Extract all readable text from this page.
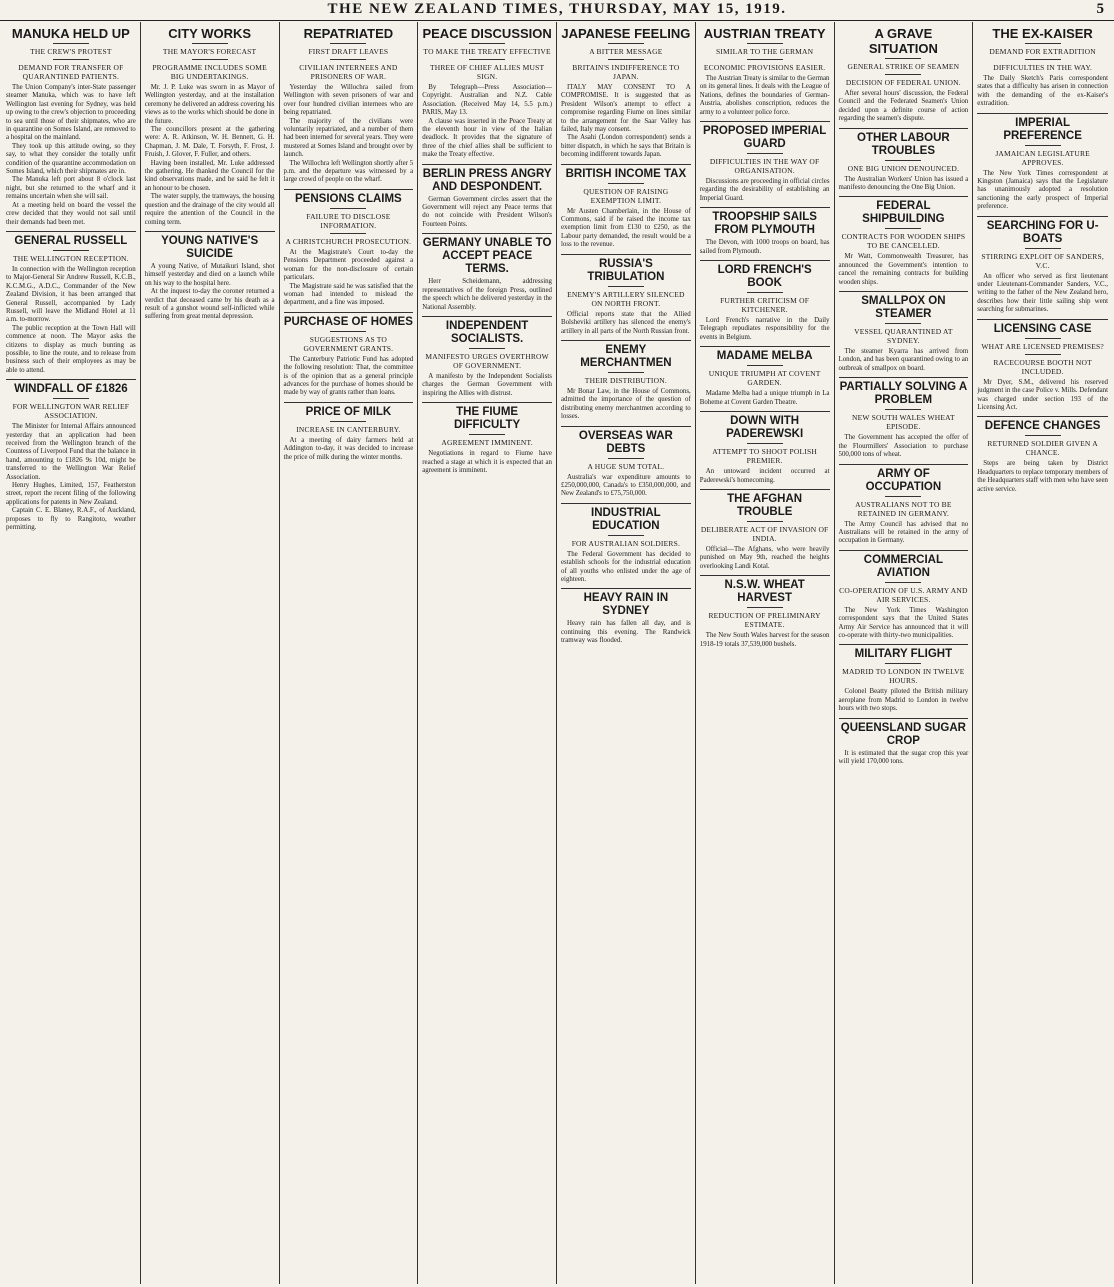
THE NEW ZEALAND TIMES, THURSDAY, MAY 15, 1919.	5
MANUKA HELD UP
THE CREW'S PROTEST
DEMAND FOR TRANSFER OF QUARANTINED PATIENTS.

The Union Company's inter-State passenger steamer Manuka, which was to have left Wellington last evening for Sydney, was held up owing to the crew's objection to proceeding to sea until those of their shipmates, who are in quarantine on Somes Island, are removed to a hospital on the mainland.

They took up this attitude owing, so they say, to what they consider the totally unfit condition of the quarantine accommodation on Somes Island, which their shipmates are in.

The Manuka left port about 8 o'clock last night, but she returned to the wharf and it remains uncertain when she will sail.

At a meeting held on board the vessel the crew decided that they would not sail until their demands had been met.

GENERAL RUSSELL
THE WELLINGTON RECEPTION.

In connection with the Wellington reception to Major-General Sir Andrew Russell, K.C.B., K.C.M.G., A.D.C., Commander of the New Zealand Division, it has been arranged that General Russell, accompanied by Lady Russell, will leave the Midland Hotel at 11 a.m. to-morrow.

The public reception at the Town Hall will commence at noon. The Mayor asks the citizens to display as much bunting as possible, to line the route, and to release from business such of their employees as may be able to attend.

WINDFALL OF £1826
FOR WELLINGTON WAR RELIEF ASSOCIATION.

The Minister for Internal Affairs announced yesterday that an application had been received from the Wellington branch of the Countess of Liverpool Fund that the balance in hand, amounting to £1826 9s 10d, might be transferred to the Wellington War Relief Association.

Henry Hughes, Limited, 157, Featherston street, report the recent filing of the following applications for patents in New Zealand.

Captain C. E. Blaney, R.A.F., of Auckland, proposes to fly to Rangitoto, weather permitting.

CITY WORKS
THE MAYOR'S FORECAST
PROGRAMME INCLUDES SOME BIG UNDERTAKINGS.

Mr. J. P. Luke was sworn in as Mayor of Wellington yesterday, and at the installation ceremony he delivered an address covering his views as to the works which should be done in the future.

The councillors present at the gathering were: A. R. Atkinson, W. H. Bennett, G. H. Chapman, J. M. Dale, T. Forsyth, F. Frost, J. Fruish, J. Glover, F. Fuller, and others.

Having been installed, Mr. Luke addressed the gathering. He thanked the Council for the kind observations made, and he said he felt it an honour to be chosen.

The water supply, the tramways, the housing question and the drainage of the city would all require the attention of the Council in the coming term.

YOUNG NATIVE'S SUICIDE

A young Native, of Mutaikuri Island, shot himself yesterday and died on a launch while on his way to the hospital here.

At the inquest to-day the coroner returned a verdict that deceased came by his death as a result of a gunshot wound self-inflicted while suffering from great mental depression.

REPATRIATED
FIRST DRAFT LEAVES
CIVILIAN INTERNEES AND PRISONERS OF WAR.

Yesterday the Willochra sailed from Wellington with seven prisoners of war and over four hundred civilian internees who are being repatriated.

The majority of the civilians were voluntarily repatriated, and a number of them had been interned for several years. They were mustered at Somes Island and brought over by launch.

The Willochra left Wellington shortly after 5 p.m. and the departure was witnessed by a large crowd of people on the wharf.

PENSIONS CLAIMS
FAILURE TO DISCLOSE INFORMATION.
A CHRISTCHURCH PROSECUTION.

At the Magistrate's Court to-day the Pensions Department proceeded against a woman for the non-disclosure of certain particulars.

The Magistrate said he was satisfied that the woman had intended to mislead the department, and a fine was imposed.

PURCHASE OF HOMES
SUGGESTIONS AS TO GOVERNMENT GRANTS.

The Canterbury Patriotic Fund has adopted the following resolution: That, the committee is of the opinion that as a general principle advances for the purchase of homes should be made by way of grants rather than loans.

PRICE OF MILK
INCREASE IN CANTERBURY.

At a meeting of dairy farmers held at Addington to-day, it was decided to increase the price of milk during the winter months.

PEACE DISCUSSION
TO MAKE THE TREATY EFFECTIVE
THREE OF CHIEF ALLIES MUST SIGN.

By Telegraph—Press Association—Copyright. Australian and N.Z. Cable Association. (Received May 14, 5.5 p.m.) PARIS, May 13.

A clause was inserted in the Peace Treaty at the eleventh hour in view of the Italian deadlock. It provides that the signature of three of the chief allies shall be sufficient to make the Treaty effective.

BERLIN PRESS ANGRY AND DESPONDENT.

German Government circles assert that the Government will reject any Peace terms that do not coincide with President Wilson's Fourteen Points.

GERMANY UNABLE TO ACCEPT PEACE TERMS.

Herr Scheidemann, addressing representatives of the foreign Press, outlined the speech which he delivered yesterday in the National Assembly.

INDEPENDENT SOCIALISTS.
MANIFESTO URGES OVERTHROW OF GOVERNMENT.

A manifesto by the Independent Socialists charges the German Government with inspiring the Allies with distrust.

THE FIUME DIFFICULTY
AGREEMENT IMMINENT.

Negotiations in regard to Fiume have reached a stage at which it is expected that an agreement is imminent.

JAPANESE FEELING
A BITTER MESSAGE
BRITAIN'S INDIFFERENCE TO JAPAN.

ITALY MAY CONSENT TO A COMPROMISE. It is suggested that as President Wilson's attempt to effect a compromise regarding Fiume on lines similar to the arrangement for the Saar Valley has failed, Italy may consent.

The Asahi (London correspondent) sends a bitter dispatch, in which he says that Britain is becoming indifferent towards Japan.

BRITISH INCOME TAX
QUESTION OF RAISING EXEMPTION LIMIT.

Mr Austen Chamberlain, in the House of Commons, said if he raised the income tax exemption limit from £130 to £250, as the Labour party demanded, the result would be a loss to the revenue.

RUSSIA'S TRIBULATION
ENEMY'S ARTILLERY SILENCED ON NORTH FRONT.

Official reports state that the Allied Bolsheviki artillery has silenced the enemy's artillery in all parts of the North Russian front.

ENEMY MERCHANTMEN
THEIR DISTRIBUTION.

Mr Bonar Law, in the House of Commons, admitted the importance of the question of distributing enemy merchantmen according to losses.

OVERSEAS WAR DEBTS
A HUGE SUM TOTAL.

Australia's war expenditure amounts to £250,000,000, Canada's to £350,000,000, and New Zealand's to £75,750,000.

INDUSTRIAL EDUCATION
FOR AUSTRALIAN SOLDIERS.

The Federal Government has decided to establish schools for the industrial education of all youths who enlisted under the age of eighteen.

HEAVY RAIN IN SYDNEY

Heavy rain has fallen all day, and is continuing this evening. The Randwick tramway was flooded.

AUSTRIAN TREATY
SIMILAR TO THE GERMAN
ECONOMIC PROVISIONS EASIER.

The Austrian Treaty is similar to the German on its general lines. It deals with the League of Nations, defines the boundaries of German-Austria, abolishes conscription, reduces the army to a volunteer police force.

PROPOSED IMPERIAL GUARD
DIFFICULTIES IN THE WAY OF ORGANISATION.

Discussions are proceeding in official circles regarding the desirability of establishing an Imperial Guard.

TROOPSHIP SAILS FROM PLYMOUTH

The Devon, with 1000 troops on board, has sailed from Plymouth.

LORD FRENCH'S BOOK
FURTHER CRITICISM OF KITCHENER.

Lord French's narrative in the Daily Telegraph repudiates responsibility for the events in Belgium.

MADAME MELBA
UNIQUE TRIUMPH AT COVENT GARDEN.

Madame Melba had a unique triumph in La Boheme at Covent Garden Theatre.

DOWN WITH PADEREWSKI
ATTEMPT TO SHOOT POLISH PREMIER.

An untoward incident occurred at Paderewski's homecoming.

THE AFGHAN TROUBLE
DELIBERATE ACT OF INVASION OF INDIA.

Official—The Afghans, who were heavily punished on May 9th, reached the heights overlooking Landi Kotal.

N.S.W. WHEAT HARVEST
REDUCTION OF PRELIMINARY ESTIMATE.

The New South Wales harvest for the season 1918-19 totals 37,539,000 bushels.

A GRAVE SITUATION
GENERAL STRIKE OF SEAMEN
DECISION OF FEDERAL UNION.

After several hours' discussion, the Federal Council and the Federated Seamen's Union decided upon a definite course of action regarding the seamen's dispute.

OTHER LABOUR TROUBLES
ONE BIG UNION DENOUNCED.

The Australian Workers' Union has issued a manifesto denouncing the One Big Union.

FEDERAL SHIPBUILDING
CONTRACTS FOR WOODEN SHIPS TO BE CANCELLED.

Mr Watt, Commonwealth Treasurer, has announced the Government's intention to cancel the remaining contracts for building wooden ships.

SMALLPOX ON STEAMER
VESSEL QUARANTINED AT SYDNEY.

The steamer Kyarra has arrived from London, and has been quarantined owing to an outbreak of smallpox on board.

PARTIALLY SOLVING A PROBLEM
NEW SOUTH WALES WHEAT EPISODE.

The Government has accepted the offer of the Flourmillers' Association to purchase 500,000 tons of wheat.

ARMY OF OCCUPATION
AUSTRALIANS NOT TO BE RETAINED IN GERMANY.

The Army Council has advised that no Australians will be retained in the army of occupation in Germany.

COMMERCIAL AVIATION
CO-OPERATION OF U.S. ARMY AND AIR SERVICES.

The New York Times Washington correspondent says that the United States Army Air Service has announced that it will co-operate with thirty-two municipalities.

MILITARY FLIGHT
MADRID TO LONDON IN TWELVE HOURS.

Colonel Beatty piloted the British military aeroplane from Madrid to London in twelve hours with two stops.

QUEENSLAND SUGAR CROP

It is estimated that the sugar crop this year will yield 170,000 tons.

THE EX-KAISER
DEMAND FOR EXTRADITION
DIFFICULTIES IN THE WAY.

The Daily Sketch's Paris correspondent states that a difficulty has arisen in connection with the demanding of the ex-Kaiser's extradition.

IMPERIAL PREFERENCE
JAMAICAN LEGISLATURE APPROVES.

The New York Times correspondent at Kingston (Jamaica) says that the Legislature has unanimously adopted a resolution sanctioning the early prospect of Imperial preference.

SEARCHING FOR U-BOATS
STIRRING EXPLOIT OF SANDERS, V.C.

An officer who served as first lieutenant under Lieutenant-Commander Sanders, V.C., writing to the father of the New Zealand hero, describes how their little sailing ship went searching for submarines.

LICENSING CASE
WHAT ARE LICENSED PREMISES?
RACECOURSE BOOTH NOT INCLUDED.

Mr Dyer, S.M., delivered his reserved judgment in the case Police v. Mills. Defendant was charged under section 193 of the Licensing Act.

DEFENCE CHANGES
RETURNED SOLDIER GIVEN A CHANCE.

Steps are being taken by District Headquarters to replace temporary members of the Headquarters staff with men who have seen active service.
